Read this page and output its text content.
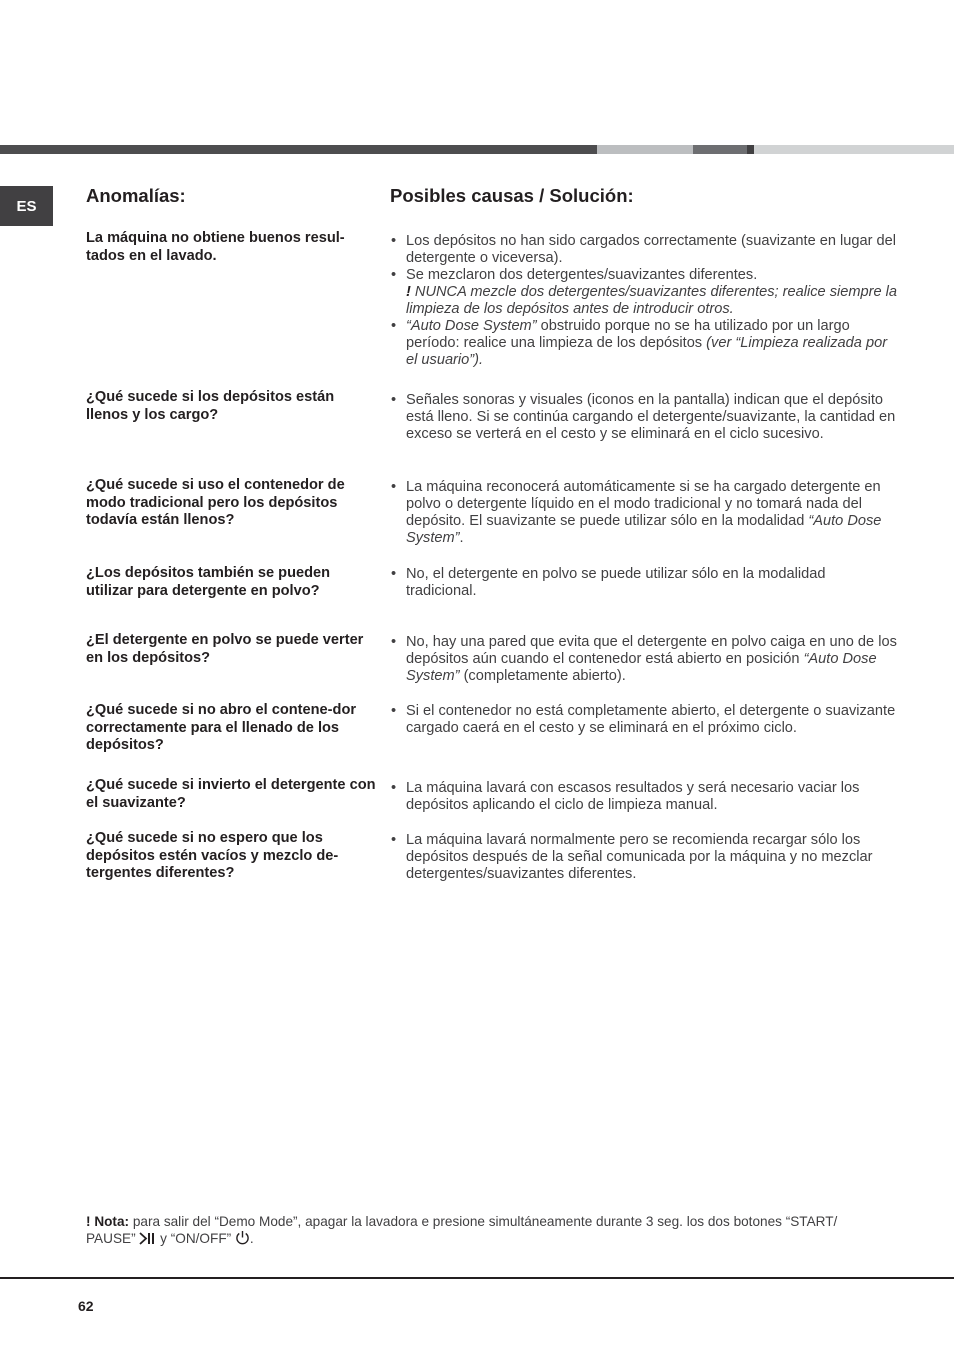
ES	Anomalías:	Posibles causas / Solución:
La máquina no obtiene buenos resul-tados en el lavado.
• Los depósitos no han sido cargados correctamente (suavizante en lugar del detergente o viceversa).
• Se mezclaron dos detergentes/suavizantes diferentes.
! NUNCA mezcle dos detergentes/suavizantes diferentes; realice siempre la limpieza de los depósitos antes de introducir otros.
• “Auto Dose System” obstruido porque no se ha utilizado por un largo período: realice una limpieza de los depósitos (ver “Limpieza realizada por el usuario”).
¿Qué sucede si los depósitos están llenos y los cargo?
• Señales sonoras y visuales (iconos en la pantalla) indican que el depósito está lleno. Si se continúa cargando el detergente/suavizante, la cantidad en exceso se verterá en el cesto y se eliminará en el ciclo sucesivo.
¿Qué sucede si uso el contenedor de modo tradicional pero los depósitos todavía están llenos?
• La máquina reconocerá automáticamente si se ha cargado detergente en polvo o detergente líquido en el modo tradicional y no tomará nada del depósito. El suavizante se puede utilizar sólo en la modalidad “Auto Dose System”.
¿Los depósitos también se pueden utilizar para detergente en polvo?
• No, el detergente en polvo se puede utilizar sólo en la modalidad tradicional.
¿El detergente en polvo se puede verter en los depósitos?
• No, hay una pared que evita que el detergente en polvo caiga en uno de los depósitos aún cuando el contenedor está abierto en posición “Auto Dose System” (completamente abierto).
¿Qué sucede si no abro el contene-dor correctamente para el llenado de los depósitos?
• Si el contenedor no está completamente abierto, el detergente o suavizante cargado caerá en el cesto y se eliminará en el próximo ciclo.
¿Qué sucede si invierto el detergente con el suavizante?
• La máquina lavará con escasos resultados y será necesario vaciar los depósitos aplicando el ciclo de limpieza manual.
¿Qué sucede si no espero que los depósitos estén vacíos y mezclo de-tergentes diferentes?
• La máquina lavará normalmente pero se recomienda recargar sólo los depósitos después de la señal comunicada por la máquina y no mezclar detergentes/suavizantes diferentes.
! Nota: para salir del “Demo Mode”, apagar la lavadora e presione simultáneamente durante 3 seg. los dos botones “START/ PAUSE”  y “ON/OFF” .
62
